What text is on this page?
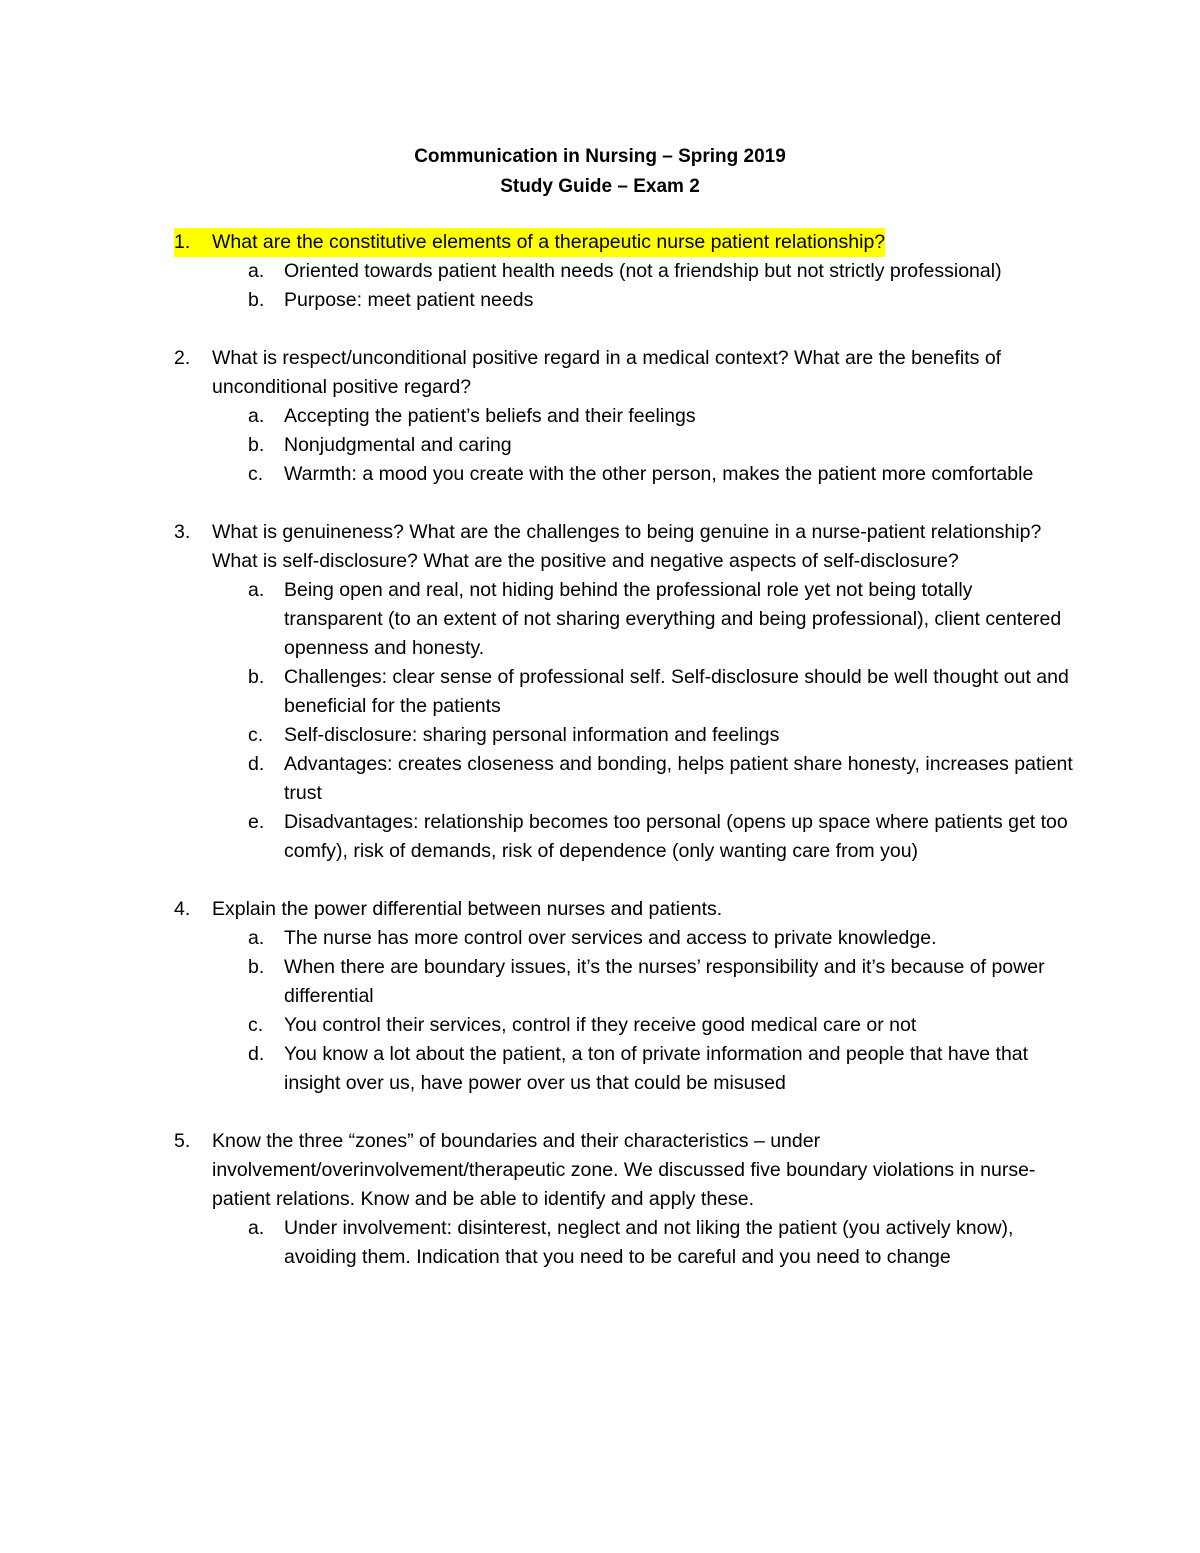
Communication in Nursing – Spring 2019
Study Guide – Exam 2
1. What are the constitutive elements of a therapeutic nurse patient relationship?
a. Oriented towards patient health needs (not a friendship but not strictly professional)
b. Purpose: meet patient needs
2. What is respect/unconditional positive regard in a medical context? What are the benefits of unconditional positive regard?
a. Accepting the patient’s beliefs and their feelings
b. Nonjudgmental and caring
c. Warmth: a mood you create with the other person, makes the patient more comfortable
3. What is genuineness? What are the challenges to being genuine in a nurse-patient relationship? What is self-disclosure? What are the positive and negative aspects of self-disclosure?
a. Being open and real, not hiding behind the professional role yet not being totally transparent (to an extent of not sharing everything and being professional), client centered openness and honesty.
b. Challenges: clear sense of professional self. Self-disclosure should be well thought out and beneficial for the patients
c. Self-disclosure: sharing personal information and feelings
d. Advantages: creates closeness and bonding, helps patient share honesty, increases patient trust
e. Disadvantages: relationship becomes too personal (opens up space where patients get too comfy), risk of demands, risk of dependence (only wanting care from you)
4. Explain the power differential between nurses and patients.
a. The nurse has more control over services and access to private knowledge.
b. When there are boundary issues, it’s the nurses’ responsibility and it’s because of power differential
c. You control their services, control if they receive good medical care or not
d. You know a lot about the patient, a ton of private information and people that have that insight over us, have power over us that could be misused
5. Know the three “zones” of boundaries and their characteristics – under involvement/overinvolvement/therapeutic zone. We discussed five boundary violations in nurse-patient relations. Know and be able to identify and apply these.
a. Under involvement: disinterest, neglect and not liking the patient (you actively know), avoiding them. Indication that you need to be careful and you need to change
